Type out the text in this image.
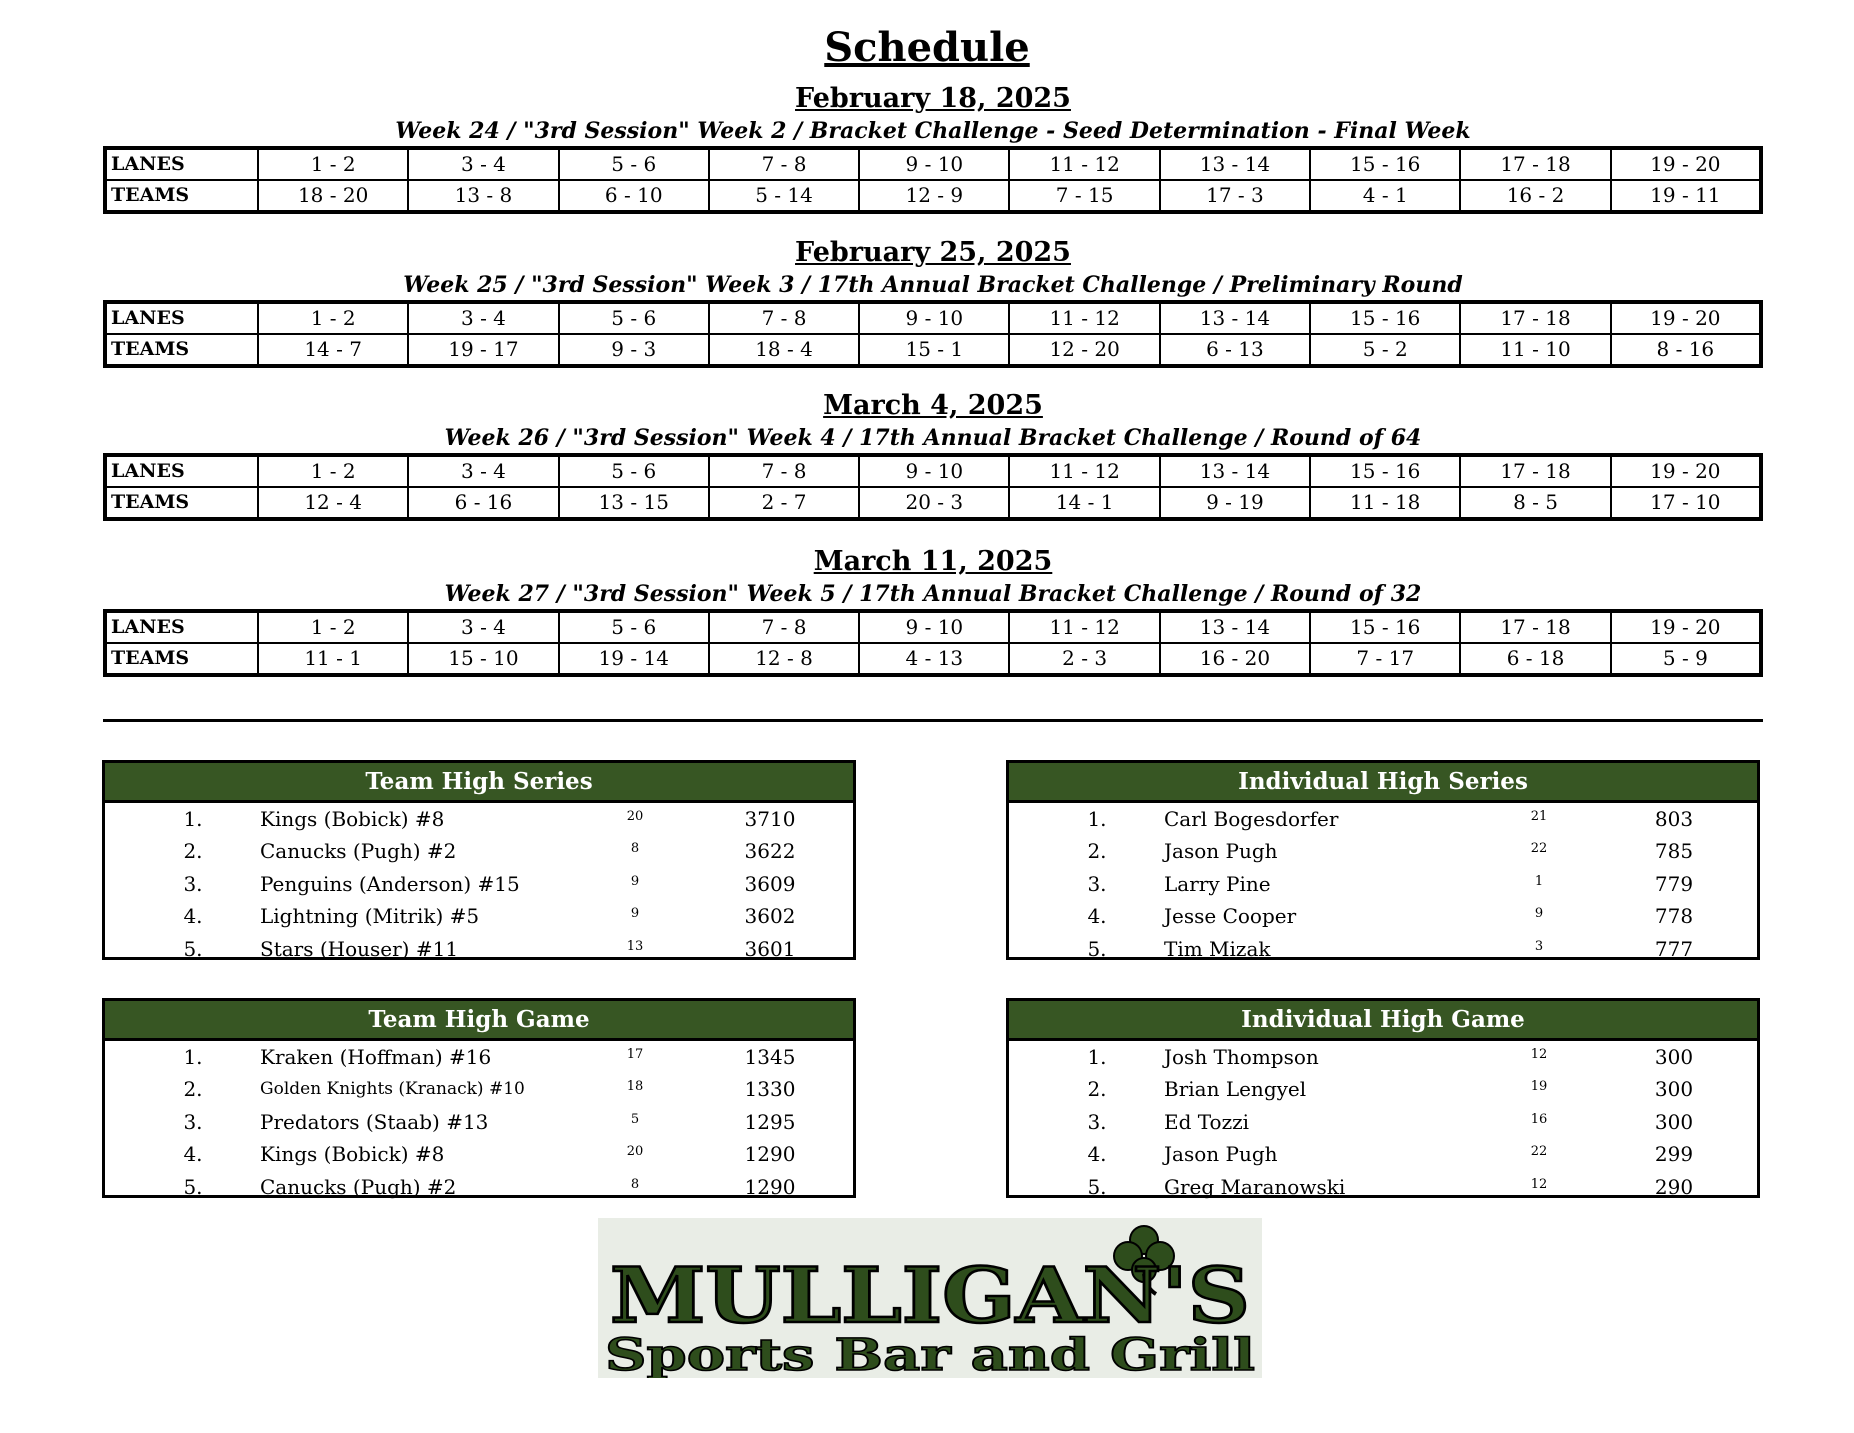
Schedule
February 18, 2025
Week 24 / "3rd Session" Week 2 / Bracket Challenge - Seed Determination - Final Week
LANES	1 - 2	3 - 4	5 - 6	7 - 8	9 - 10	11 - 12	13 - 14	15 - 16	17 - 18	19 - 20
TEAMS	18 - 20	13 - 8	6 - 10	5 - 14	12 - 9	7 - 15	17 - 3	4 - 1	16 - 2	19 - 11
February 25, 2025
Week 25 / "3rd Session" Week 3 / 17th Annual Bracket Challenge / Preliminary Round
LANES	1 - 2	3 - 4	5 - 6	7 - 8	9 - 10	11 - 12	13 - 14	15 - 16	17 - 18	19 - 20
TEAMS	14 - 7	19 - 17	9 - 3	18 - 4	15 - 1	12 - 20	6 - 13	5 - 2	11 - 10	8 - 16
March 4, 2025
Week 26 / "3rd Session" Week 4 / 17th Annual Bracket Challenge / Round of 64
LANES	1 - 2	3 - 4	5 - 6	7 - 8	9 - 10	11 - 12	13 - 14	15 - 16	17 - 18	19 - 20
TEAMS	12 - 4	6 - 16	13 - 15	2 - 7	20 - 3	14 - 1	9 - 19	11 - 18	8 - 5	17 - 10
March 11, 2025
Week 27 / "3rd Session" Week 5 / 17th Annual Bracket Challenge / Round of 32
LANES	1 - 2	3 - 4	5 - 6	7 - 8	9 - 10	11 - 12	13 - 14	15 - 16	17 - 18	19 - 20
TEAMS	11 - 1	15 - 10	19 - 14	12 - 8	4 - 13	2 - 3	16 - 20	7 - 17	6 - 18	5 - 9
Team High Series
1.	Kings (Bobick) #8	20	3710
2.	Canucks (Pugh) #2	8	3622
3.	Penguins (Anderson) #15	9	3609
4.	Lightning (Mitrik) #5	9	3602
5.	Stars (Houser) #11	13	3601
Individual High Series
1.	Carl Bogesdorfer	21	803
2.	Jason Pugh	22	785
3.	Larry Pine	1	779
4.	Jesse Cooper	9	778
5.	Tim Mizak	3	777
Team High Game
1.	Kraken (Hoffman) #16	17	1345
2.	Golden Knights (Kranack) #10	18	1330
3.	Predators (Staab) #13	5	1295
4.	Kings (Bobick) #8	20	1290
5.	Canucks (Pugh) #2	8	1290
Individual High Game
1.	Josh Thompson	12	300
2.	Brian Lengyel	19	300
3.	Ed Tozzi	16	300
4.	Jason Pugh	22	299
5.	Greg Maranowski	12	290
MULLIGAN'S
Sports Bar and Grill
